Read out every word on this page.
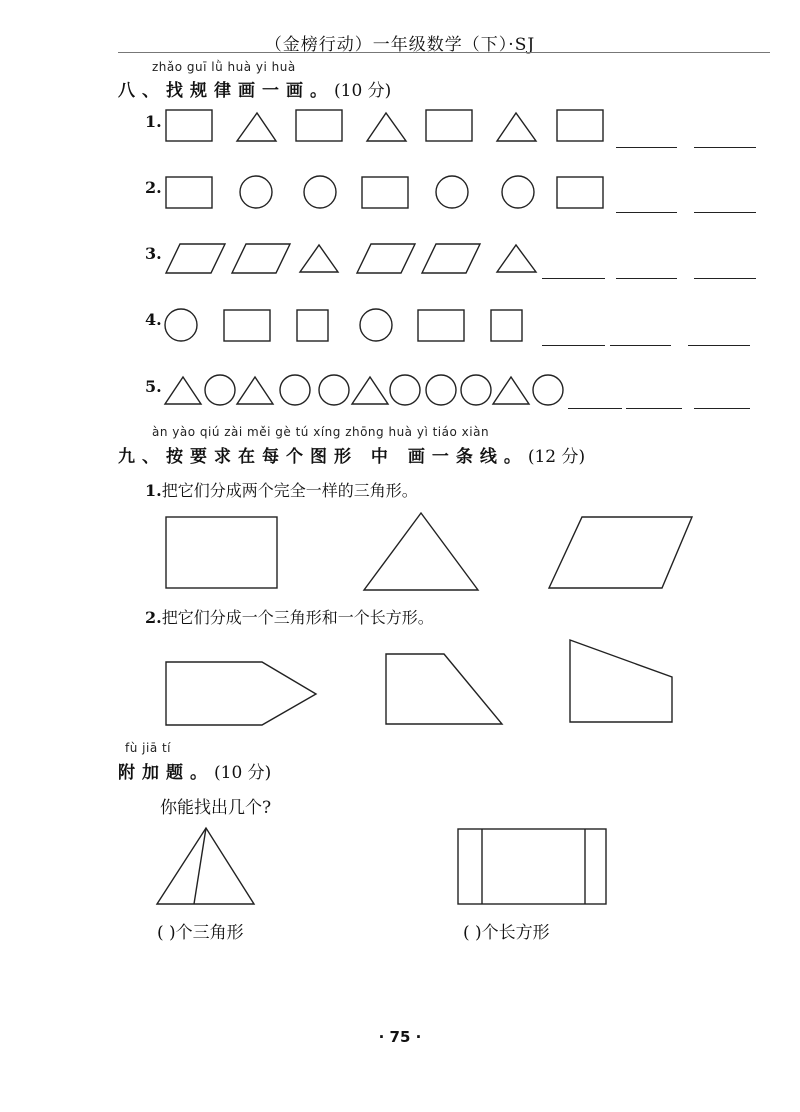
（金榜行动）一年级数学（下）·SJ
zhǎo guī lǜ huà yi huà
八、找规律画一画。(10 分)
1.
2.
3.
4.
5.
àn yào qiú zài měi gè tú xíng zhōng huà yì tiáo xiàn
九、按要求在每个图形 中 画一条线。(12 分)
1.把它们分成两个完全一样的三角形。
2.把它们分成一个三角形和一个长方形。
fù jiā tí
附加题。(10 分)
你能找出几个?
( )个三角形	( )个长方形
· 75 ·
